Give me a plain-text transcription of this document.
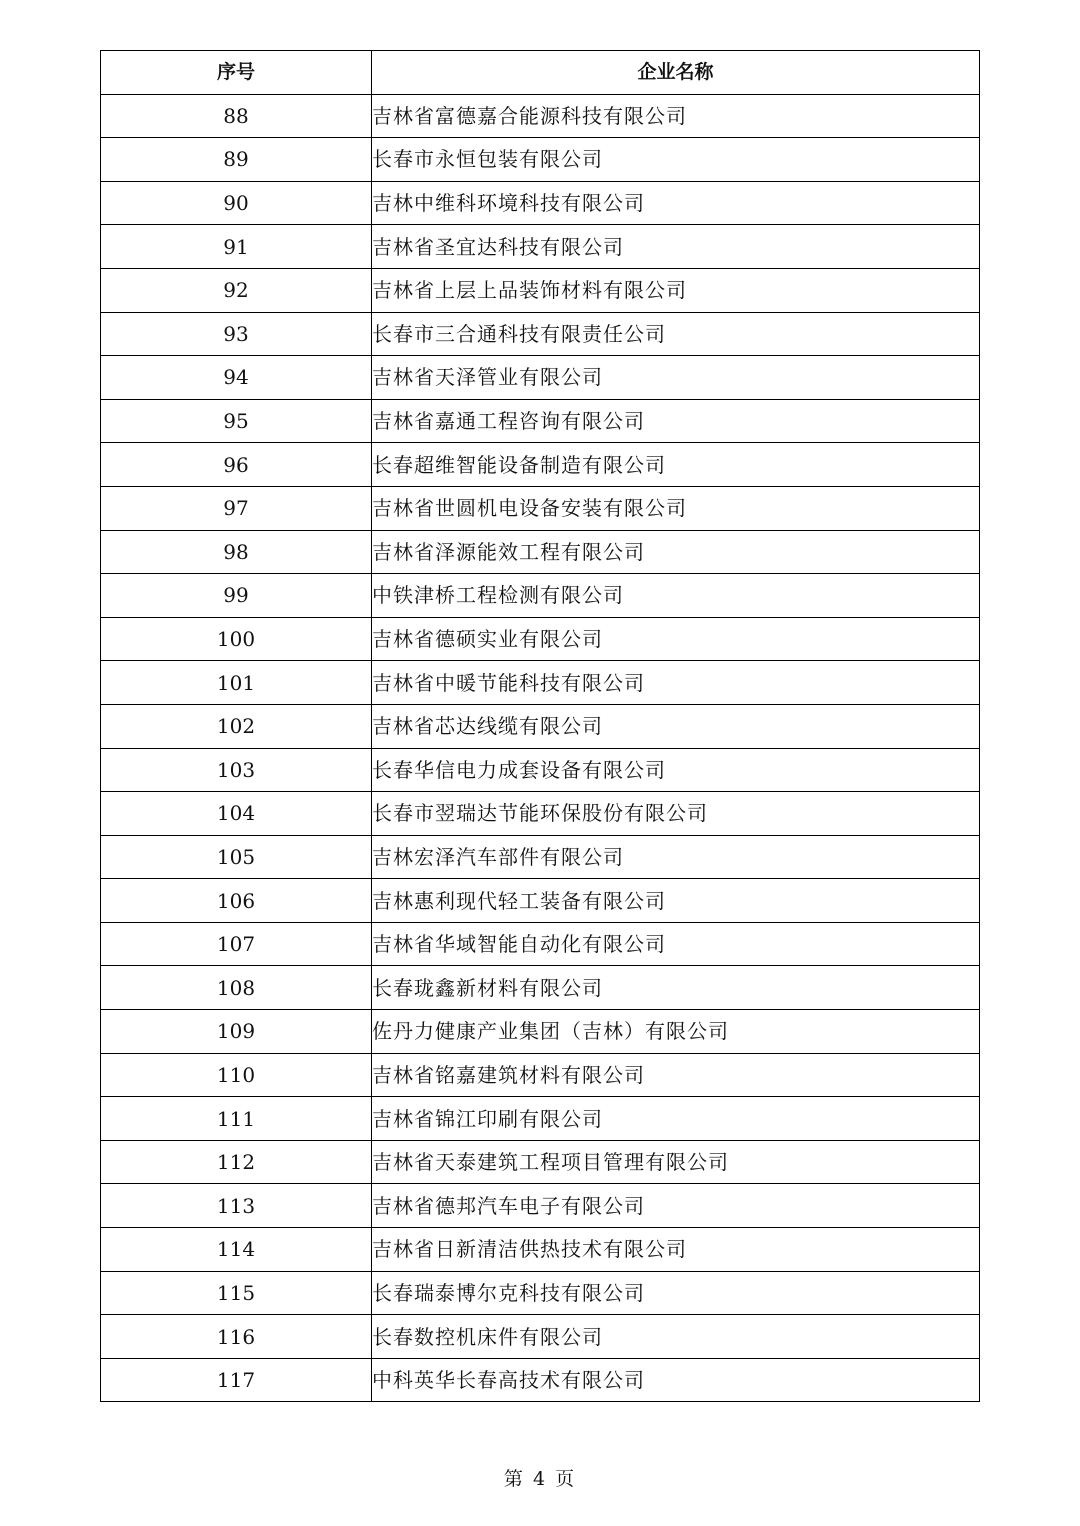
序号	企业名称
88	吉林省富德嘉合能源科技有限公司
89	长春市永恒包装有限公司
90	吉林中维科环境科技有限公司
91	吉林省圣宜达科技有限公司
92	吉林省上层上品装饰材料有限公司
93	长春市三合通科技有限责任公司
94	吉林省天泽管业有限公司
95	吉林省嘉通工程咨询有限公司
96	长春超维智能设备制造有限公司
97	吉林省世圆机电设备安装有限公司
98	吉林省泽源能效工程有限公司
99	中铁津桥工程检测有限公司
100	吉林省德硕实业有限公司
101	吉林省中暖节能科技有限公司
102	吉林省芯达线缆有限公司
103	长春华信电力成套设备有限公司
104	长春市翌瑞达节能环保股份有限公司
105	吉林宏泽汽车部件有限公司
106	吉林惠利现代轻工装备有限公司
107	吉林省华域智能自动化有限公司
108	长春珑鑫新材料有限公司
109	佐丹力健康产业集团（吉林）有限公司
110	吉林省铭嘉建筑材料有限公司
111	吉林省锦江印刷有限公司
112	吉林省天泰建筑工程项目管理有限公司
113	吉林省德邦汽车电子有限公司
114	吉林省日新清洁供热技术有限公司
115	长春瑞泰博尔克科技有限公司
116	长春数控机床件有限公司
117	中科英华长春高技术有限公司
第 4 页
